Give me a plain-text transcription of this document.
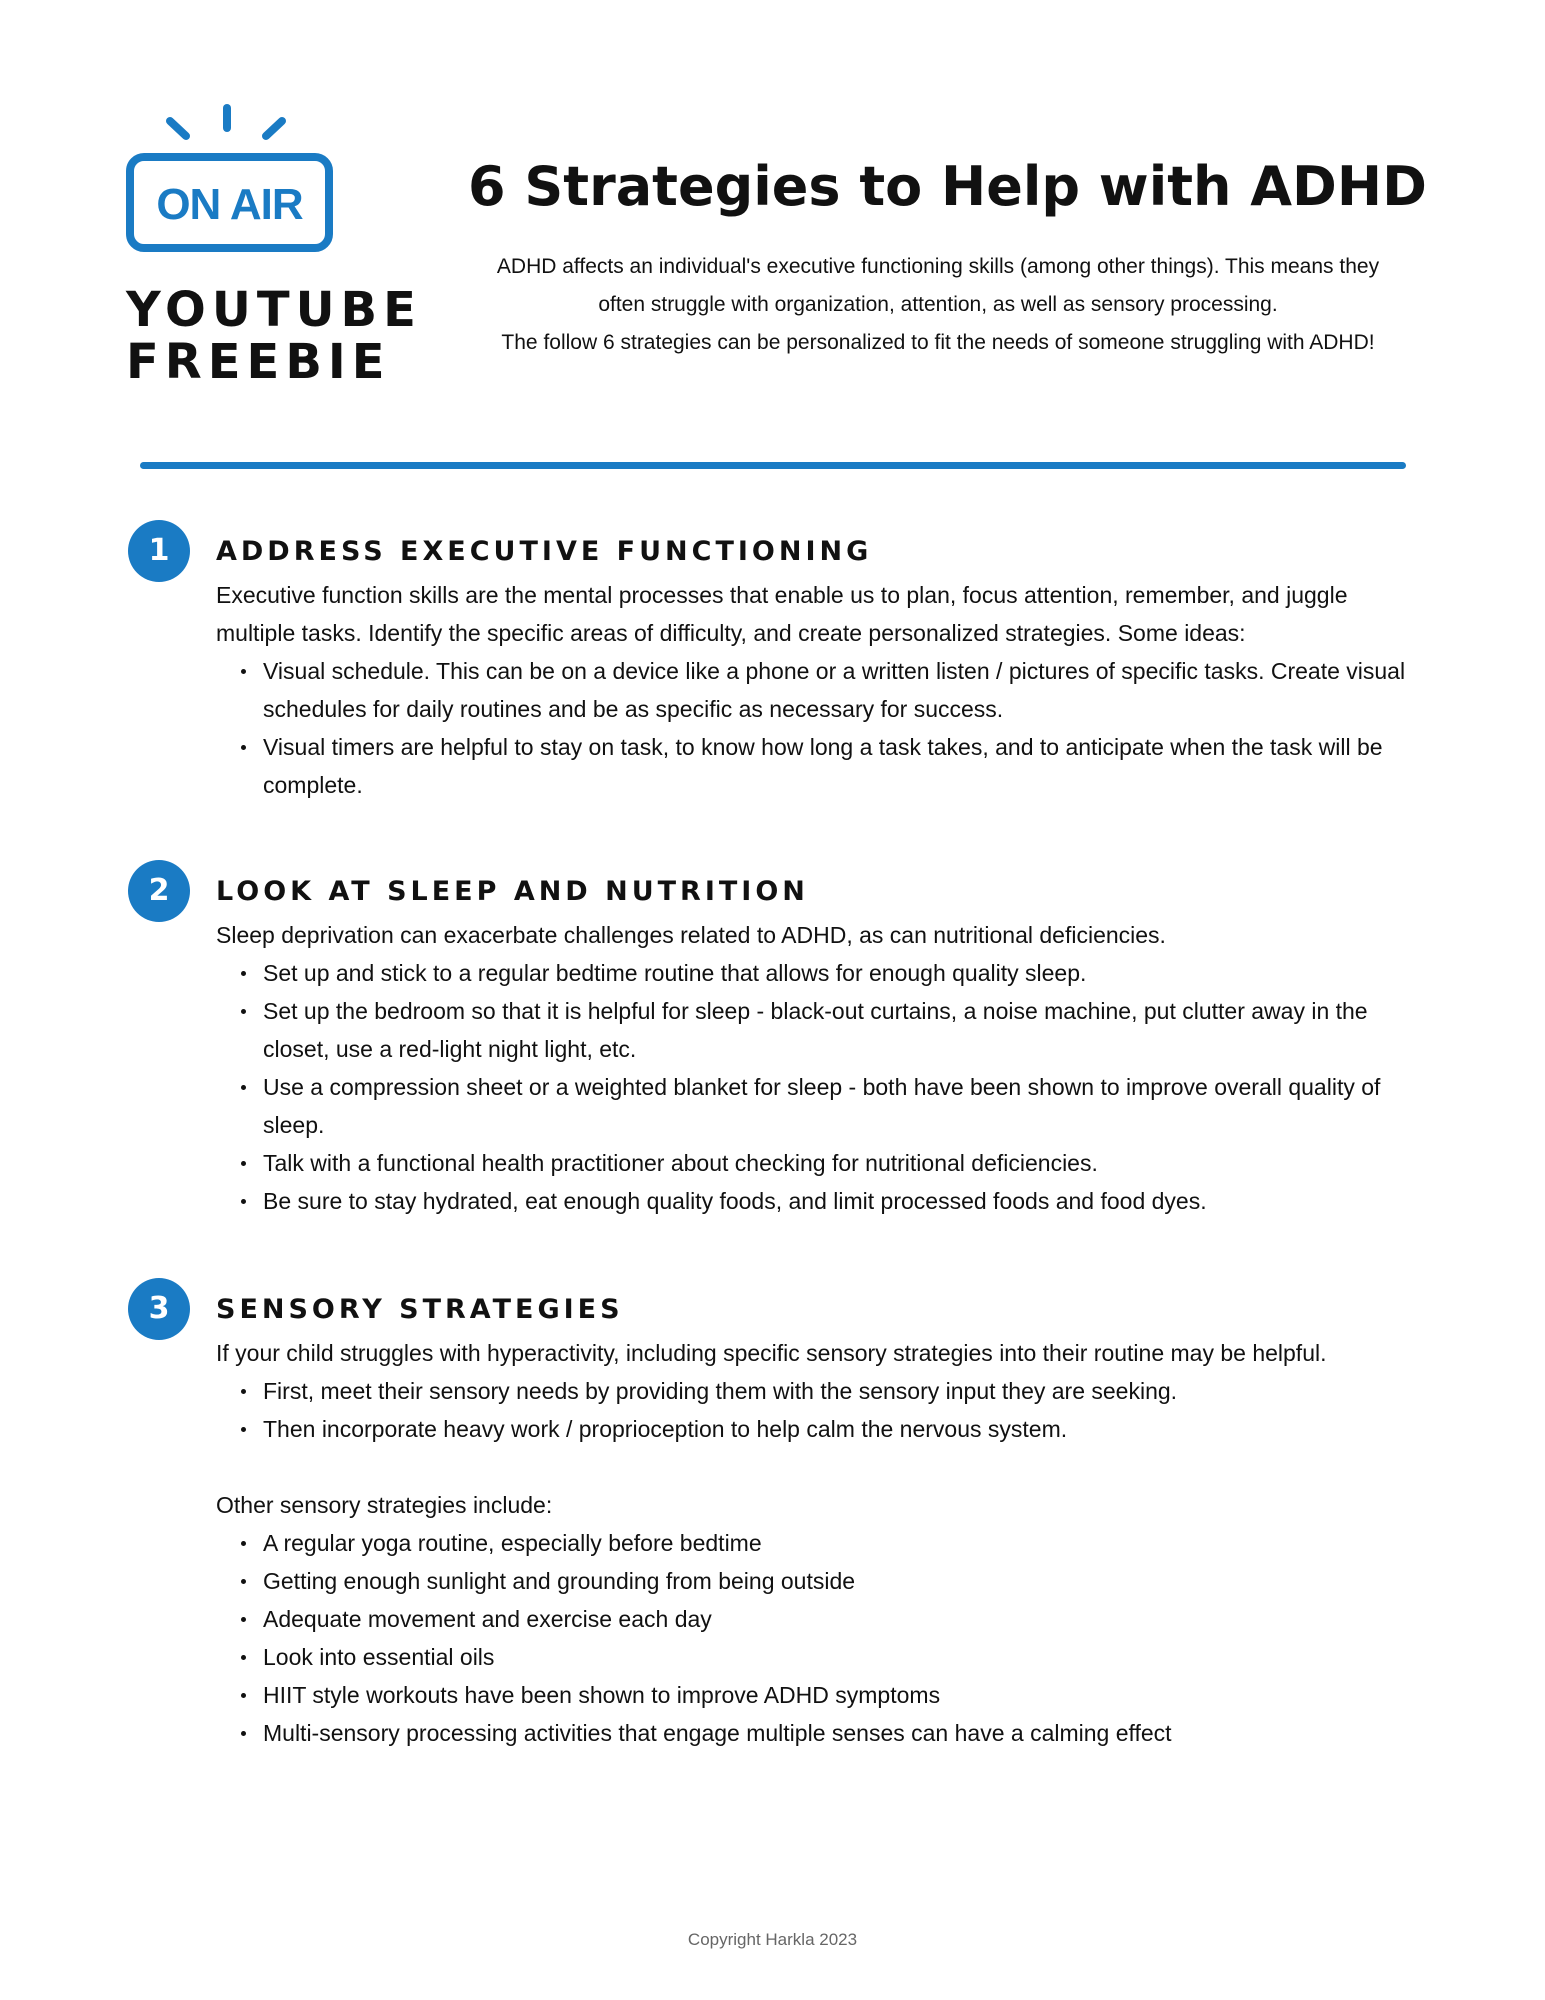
ON AIR
YOUTUBE
FREEBIE
6 Strategies to Help with ADHD
ADHD affects an individual's executive functioning skills (among other things). This means they
often struggle with organization, attention, as well as sensory processing.
The follow 6 strategies can be personalized to fit the needs of someone struggling with ADHD!
1	ADDRESS EXECUTIVE FUNCTIONING

Executive function skills are the mental processes that enable us to plan, focus attention, remember, and juggle multiple tasks. Identify the specific areas of difficulty, and create personalized strategies. Some ideas:

Visual schedule. This can be on a device like a phone or a written listen / pictures of specific tasks. Create visual schedules for daily routines and be as specific as necessary for success.
Visual timers are helpful to stay on task, to know how long a task takes, and to anticipate when the task will be complete.
2	LOOK AT SLEEP AND NUTRITION

Sleep deprivation can exacerbate challenges related to ADHD, as can nutritional deficiencies.

Set up and stick to a regular bedtime routine that allows for enough quality sleep.
Set up the bedroom so that it is helpful for sleep - black-out curtains, a noise machine, put clutter away in the closet, use a red-light night light, etc.
Use a compression sheet or a weighted blanket for sleep - both have been shown to improve overall quality of sleep.
Talk with a functional health practitioner about checking for nutritional deficiencies.
Be sure to stay hydrated, eat enough quality foods, and limit processed foods and food dyes.
3	SENSORY STRATEGIES

If your child struggles with hyperactivity, including specific sensory strategies into their routine may be helpful.

First, meet their sensory needs by providing them with the sensory input they are seeking.
Then incorporate heavy work / proprioception to help calm the nervous system.

Other sensory strategies include:

A regular yoga routine, especially before bedtime
Getting enough sunlight and grounding from being outside
Adequate movement and exercise each day
Look into essential oils
HIIT style workouts have been shown to improve ADHD symptoms
Multi-sensory processing activities that engage multiple senses can have a calming effect
Copyright Harkla 2023
